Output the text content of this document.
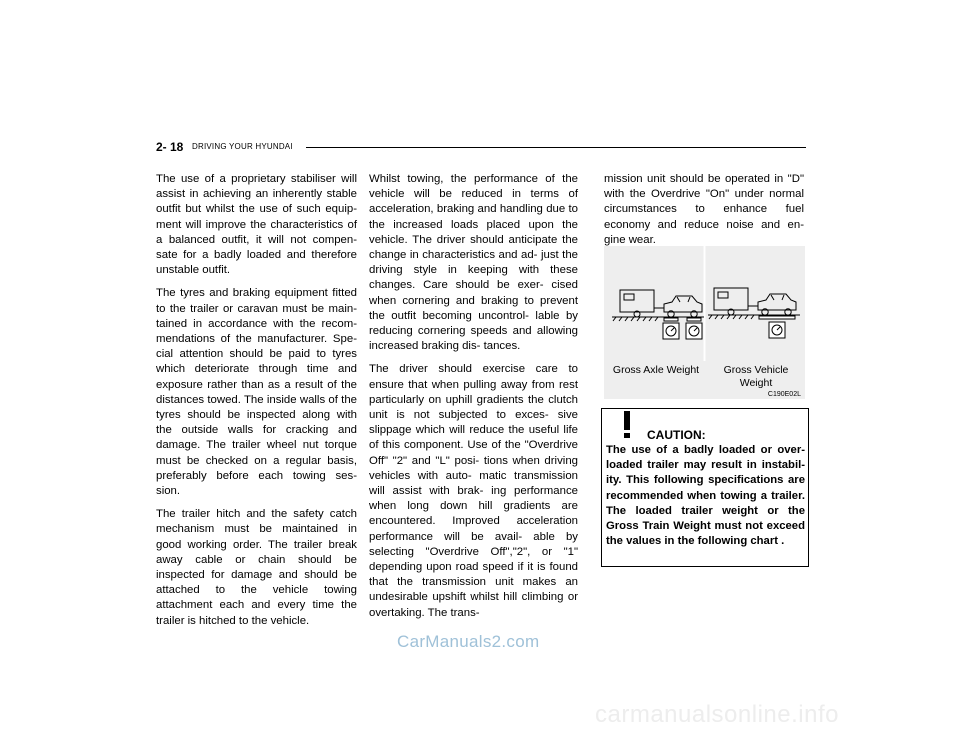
2- 18 DRIVING YOUR HYUNDAI

The use of a proprietary stabiliser will assist in achieving an inherently stable outfit but whilst the use of such equip- ment will improve the characteristics of a balanced outfit, it will not compen- sate for a badly loaded and therefore unstable outfit.

The tyres and braking equipment fitted to the trailer or caravan must be main- tained in accordance with the recom- mendations of the manufacturer. Spe- cial attention should be paid to tyres which deteriorate through time and exposure rather than as a result of the distances towed. The inside walls of the tyres should be inspected along with the outside walls for cracking and damage. The trailer wheel nut torque must be checked on a regular basis, preferably before each towing ses- sion.

The trailer hitch and the safety catch mechanism must be maintained in good working order. The trailer break away cable or chain should be inspected for damage and should be attached to the vehicle towing attachment each and every time the trailer is hitched to the vehicle.

Whilst towing, the performance of the vehicle will be reduced in terms of acceleration, braking and handling due to the increased loads placed upon the vehicle. The driver should anticipate the change in characteristics and ad- just the driving style in keeping with these changes. Care should be exer- cised when cornering and braking to prevent the outfit becoming uncontrol- lable by reducing cornering speeds and allowing increased braking dis- tances.

The driver should exercise care to ensure that when pulling away from rest particularly on uphill gradients the clutch unit is not subjected to exces- sive slippage which will reduce the useful life of this component. Use of the "Overdrive Off" "2" and "L" posi- tions when driving vehicles with auto- matic transmission will assist with brak- ing performance when long down hill gradients are encountered. Improved acceleration performance will be avail- able by selecting "Overdrive Off","2", or "1" depending upon road speed if it is found that the transmission unit makes an undesirable upshift whilst hill climbing or overtaking. The trans-

mission unit should be operated in "D" with the Overdrive "On" under normal circumstances to enhance fuel economy and reduce noise and en- gine wear.

Gross Axle Weight	Gross Vehicle Weight
C190E02L
CAUTION:
The use of a badly loaded or over- loaded trailer may result in instabil- ity. This following specifications are recommended when towing a trailer. The loaded trailer weight or the Gross Train Weight must not exceed the values in the following chart .
CarManuals2.com
carmanualsonline.info
